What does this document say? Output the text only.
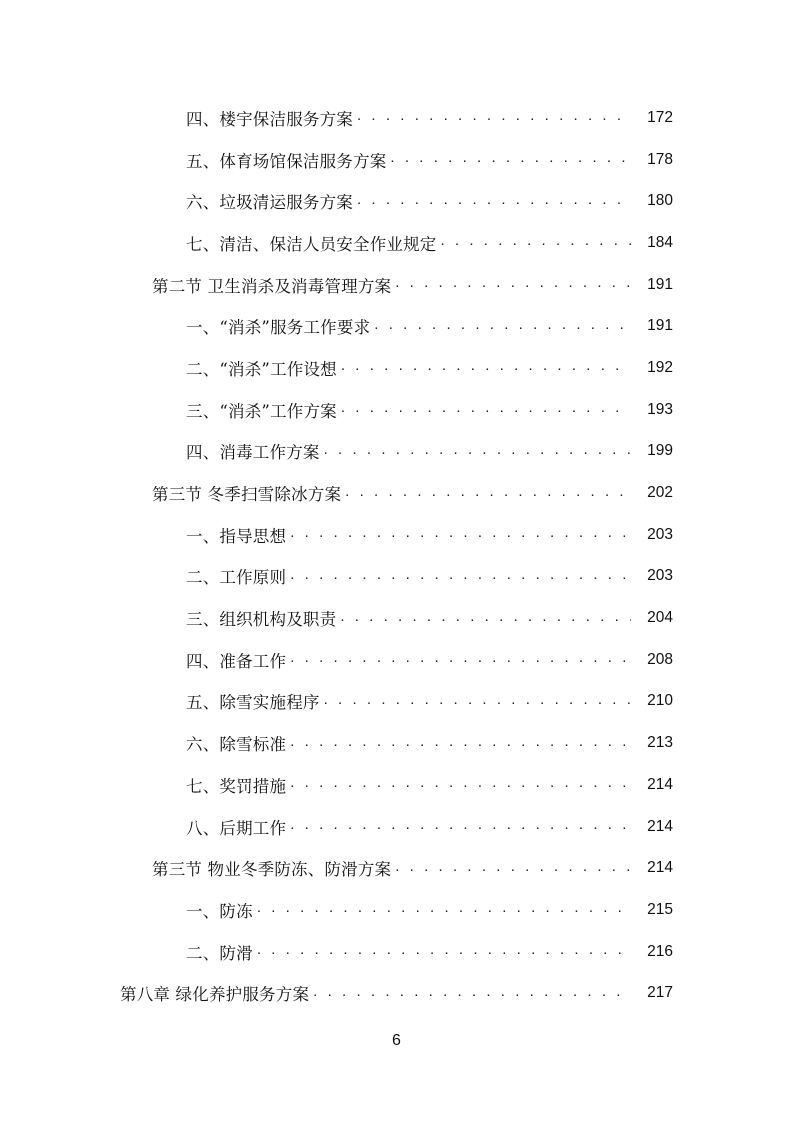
四、楼宇保洁服务方案 . . .	172
五、体育场馆保洁服务方案 . . .	178
六、垃圾清运服务方案 . . .	180
七、清洁、保洁人员安全作业规定 . . .	184
第二节 卫生消杀及消毒管理方案 . . .	191
一、“消杀”服务工作要求 . . .	191
二、“消杀”工作设想 . . .	192
三、“消杀”工作方案 . . .	193
四、消毒工作方案 . . .	199
第三节 冬季扫雪除冰方案 . . .	202
一、指导思想 . . .	203
二、工作原则 . . .	203
三、组织机构及职责 . . .	204
四、准备工作 . . .	208
五、除雪实施程序 . . .	210
六、除雪标准 . . .	213
七、奖罚措施 . . .	214
八、后期工作 . . .	214
第三节 物业冬季防冻、防滑方案 . . .	214
一、防冻 . . .	215
二、防滑 . . .	216
第八章 绿化养护服务方案 . . .	217
6
